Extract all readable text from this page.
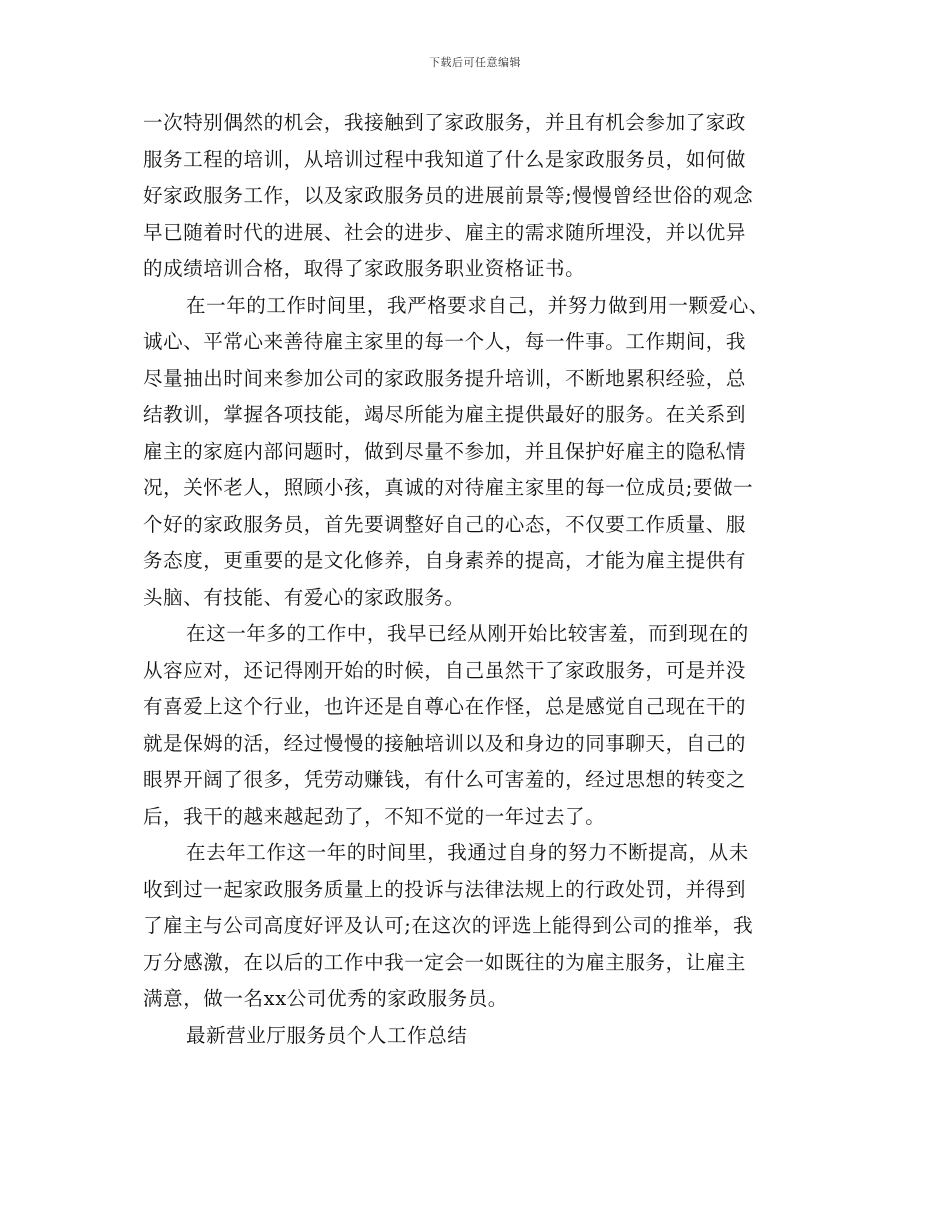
下载后可任意编辑
一次特别偶然的机会，我接触到了家政服务，并且有机会参加了家政
服务工程的培训，从培训过程中我知道了什么是家政服务员，如何做
好家政服务工作，以及家政服务员的进展前景等;慢慢曾经世俗的观念
早已随着时代的进展、社会的进步、雇主的需求随所埋没，并以优异
的成绩培训合格，取得了家政服务职业资格证书。
在一年的工作时间里，我严格要求自己，并努力做到用一颗爱心、
诚心、平常心来善待雇主家里的每一个人，每一件事。工作期间，我
尽量抽出时间来参加公司的家政服务提升培训，不断地累积经验，总
结教训，掌握各项技能，竭尽所能为雇主提供最好的服务。在关系到
雇主的家庭内部问题时，做到尽量不参加，并且保护好雇主的隐私情
况，关怀老人，照顾小孩，真诚的对待雇主家里的每一位成员;要做一
个好的家政服务员，首先要调整好自己的心态，不仅要工作质量、服
务态度，更重要的是文化修养，自身素养的提高，才能为雇主提供有
头脑、有技能、有爱心的家政服务。
在这一年多的工作中，我早已经从刚开始比较害羞，而到现在的
从容应对，还记得刚开始的时候，自己虽然干了家政服务，可是并没
有喜爱上这个行业，也许还是自尊心在作怪，总是感觉自己现在干的
就是保姆的活，经过慢慢的接触培训以及和身边的同事聊天，自己的
眼界开阔了很多，凭劳动赚钱，有什么可害羞的，经过思想的转变之
后，我干的越来越起劲了，不知不觉的一年过去了。
在去年工作这一年的时间里，我通过自身的努力不断提高，从未
收到过一起家政服务质量上的投诉与法律法规上的行政处罚，并得到
了雇主与公司高度好评及认可;在这次的评选上能得到公司的推举，我
万分感激，在以后的工作中我一定会一如既往的为雇主服务，让雇主
满意，做一名xx公司优秀的家政服务员。
最新营业厅服务员个人工作总结
